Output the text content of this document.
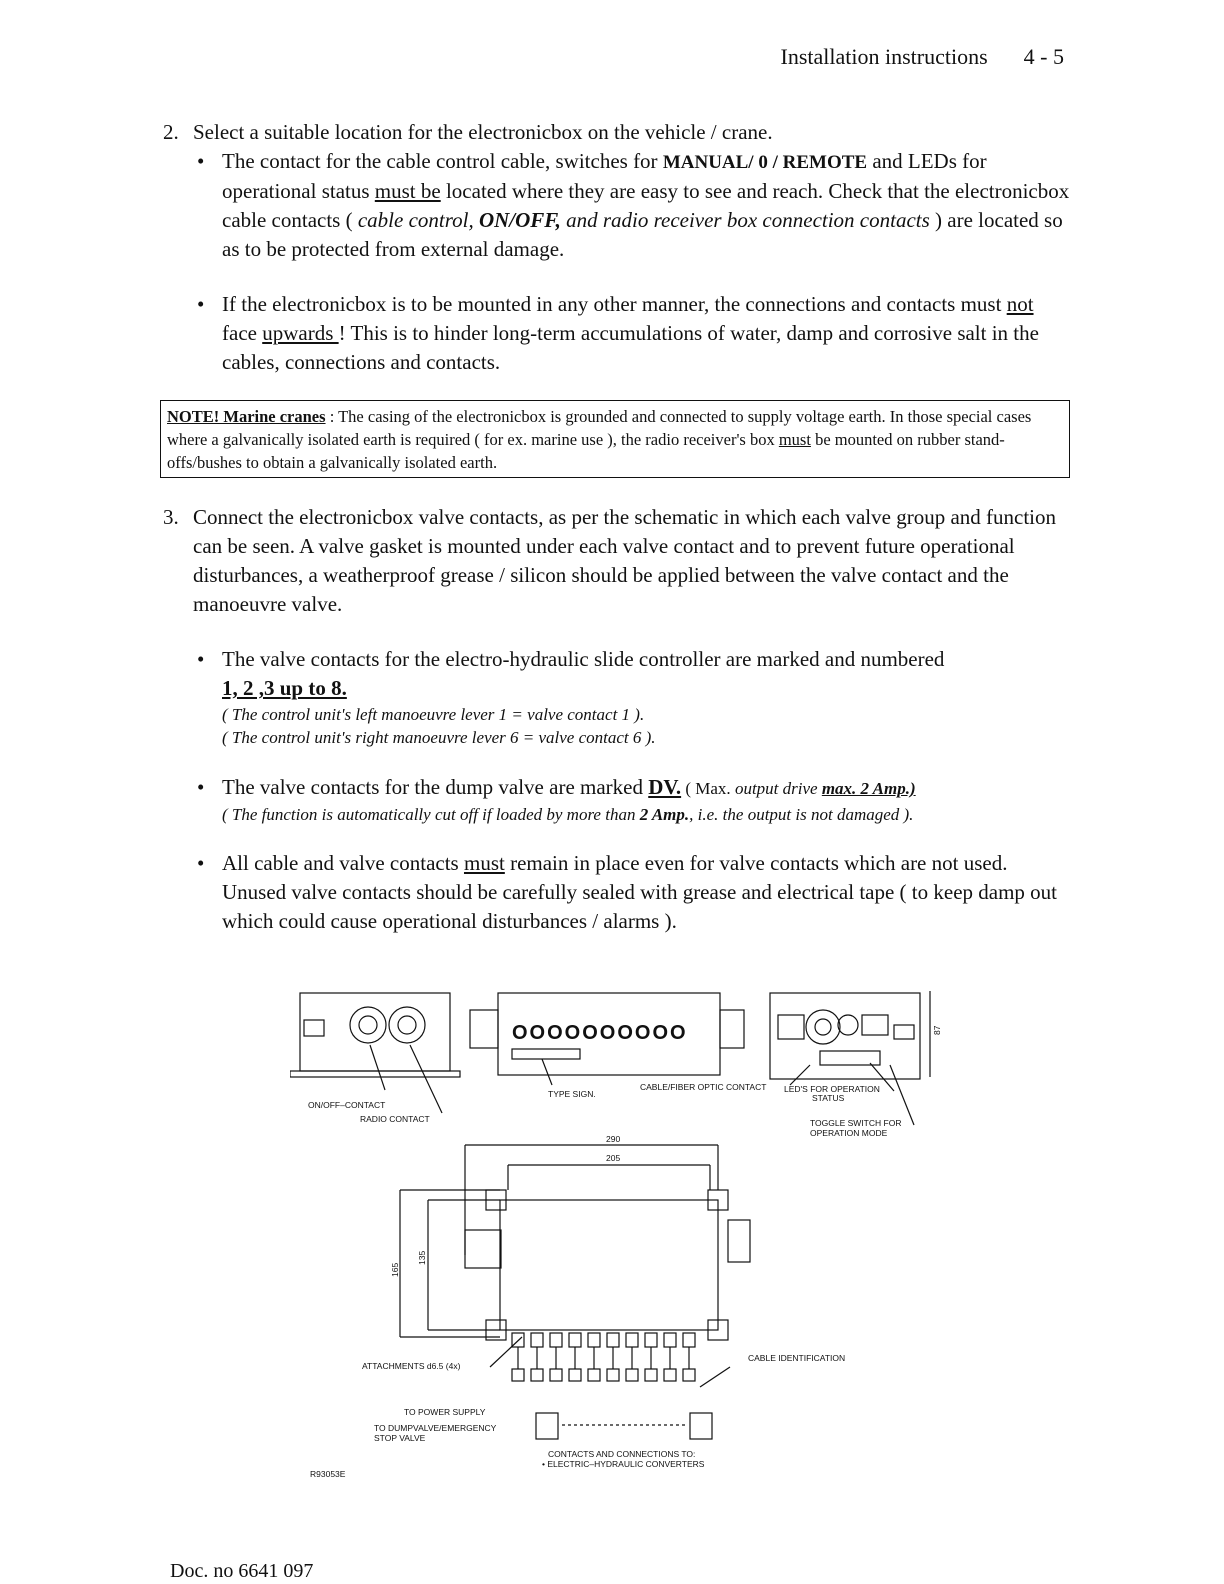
Installation instructions 4 - 5
2. Select a suitable location for the electronicbox on the vehicle / crane.
• The contact for the cable control cable, switches for MANUAL/ 0 / REMOTE and LEDs for operational status must be located where they are easy to see and reach. Check that the electronicbox cable contacts ( cable control, ON/OFF, and radio receiver box connection contacts ) are located so as to be protected from external damage.
• If the electronicbox is to be mounted in any other manner, the connections and contacts must not face upwards ! This is to hinder long-term accumulations of water, damp and corrosive salt in the cables, connections and contacts.
NOTE! Marine cranes : The casing of the electronicbox is grounded and connected to supply voltage earth. In those special cases where a galvanically isolated earth is required ( for ex. marine use ), the radio receiver's box must be mounted on rubber stand-offs/bushes to obtain a galvanically isolated earth.
3. Connect the electronicbox valve contacts, as per the schematic in which each valve group and function can be seen. A valve gasket is mounted under each valve contact and to prevent future operational disturbances, a weatherproof grease / silicon should be applied between the valve contact and the manoeuvre valve.
• The valve contacts for the electro-hydraulic slide controller are marked and numbered
1, 2 ,3 up to 8.
( The control unit's left manoeuvre lever 1 = valve contact 1 ).
( The control unit's right manoeuvre lever 6 = valve contact 6 ).
• The valve contacts for the dump valve are marked DV. ( Max. output drive max. 2 Amp.)
( The function is automatically cut off if loaded by more than 2 Amp., i.e. the output is not damaged ).
• All cable and valve contacts must remain in place even for valve contacts which are not used. Unused valve contacts should be carefully sealed with grease and electrical tape ( to keep damp out which could cause operational disturbances / alarms ).
OOOOOOOOOO
ON/OFF–CONTACT
RADIO CONTACT
TYPE SIGN.
CABLE/FIBER OPTIC CONTACT LED'S FOR OPERATION
STATUS
TOGGLE SWITCH FOR
OPERATION MODE
290
205
165
135
87
ATTACHMENTS d6.5 (4x)
CABLE IDENTIFICATION
TO POWER SUPPLY
TO DUMPVALVE/EMERGENCY
STOP VALVE
CONTACTS AND CONNECTIONS TO:
• ELECTRIC–HYDRAULIC CONVERTERS
R93053E
Doc. no 6641 097
